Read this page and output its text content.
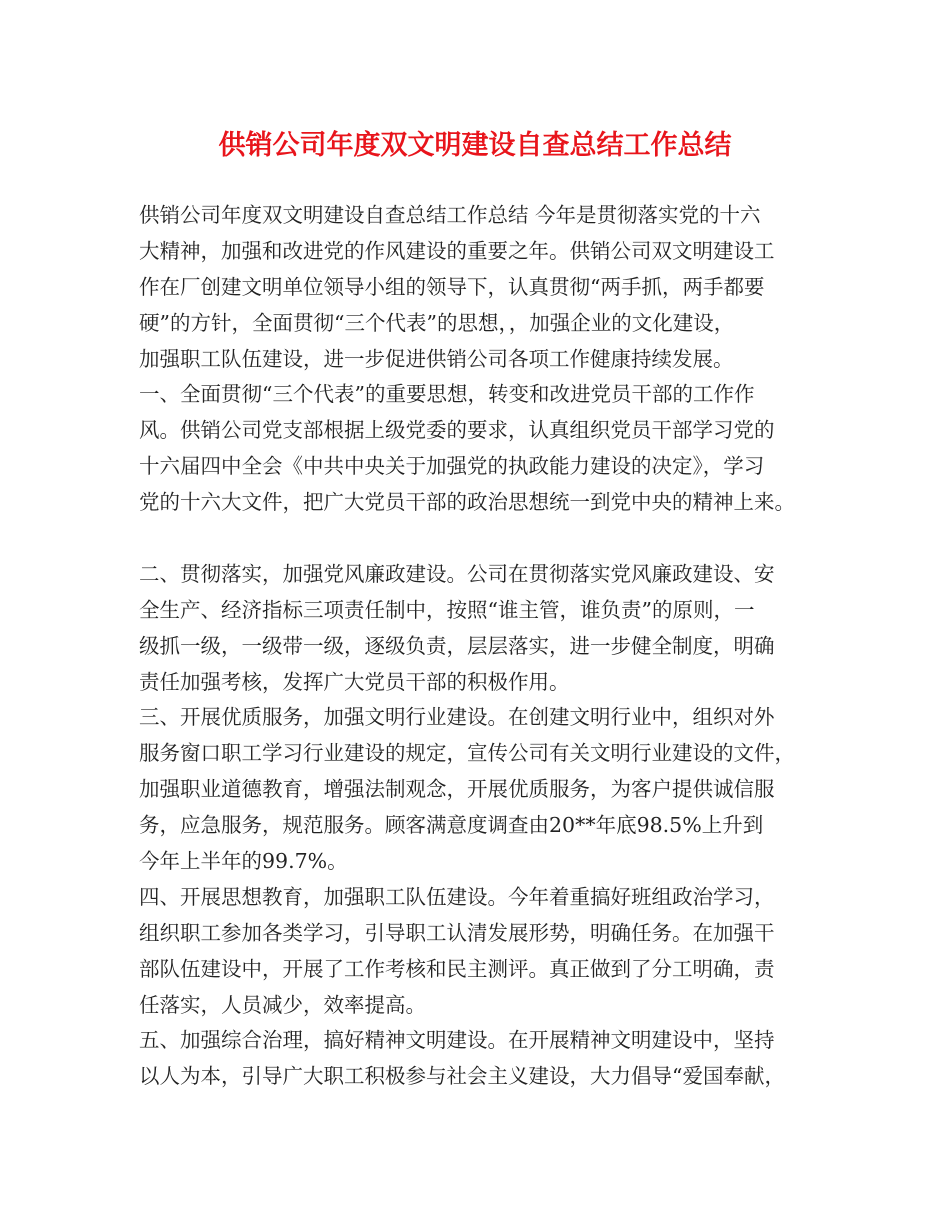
供销公司年度双文明建设自查总结工作总结
供销公司年度双文明建设自查总结工作总结 今年是贯彻落实党的十六
大精神，加强和改进党的作风建设的重要之年。供销公司双文明建设工
作在厂创建文明单位领导小组的领导下，认真贯彻“两手抓，两手都要
硬”的方针，全面贯彻“三个代表”的思想，，加强企业的文化建设，
加强职工队伍建设，进一步促进供销公司各项工作健康持续发展。
一、全面贯彻“三个代表”的重要思想，转变和改进党员干部的工作作
风。供销公司党支部根据上级党委的要求，认真组织党员干部学习党的
十六届四中全会《中共中央关于加强党的执政能力建设的决定》，学习
党的十六大文件，把广大党员干部的政治思想统一到党中央的精神上来。
二、贯彻落实，加强党风廉政建设。公司在贯彻落实党风廉政建设、安
全生产、经济指标三项责任制中，按照“谁主管，谁负责”的原则，一
级抓一级，一级带一级，逐级负责，层层落实，进一步健全制度，明确
责任加强考核，发挥广大党员干部的积极作用。
三、开展优质服务，加强文明行业建设。在创建文明行业中，组织对外
服务窗口职工学习行业建设的规定，宣传公司有关文明行业建设的文件，
加强职业道德教育，增强法制观念，开展优质服务，为客户提供诚信服
务，应急服务，规范服务。顾客满意度调查由20**年底98.5%上升到
今年上半年的99.7%。
四、开展思想教育，加强职工队伍建设。今年着重搞好班组政治学习，
组织职工参加各类学习，引导职工认清发展形势，明确任务。在加强干
部队伍建设中，开展了工作考核和民主测评。真正做到了分工明确，责
任落实，人员减少，效率提高。
五、加强综合治理，搞好精神文明建设。在开展精神文明建设中，坚持
以人为本，引导广大职工积极参与社会主义建设，大力倡导“爱国奉献，
